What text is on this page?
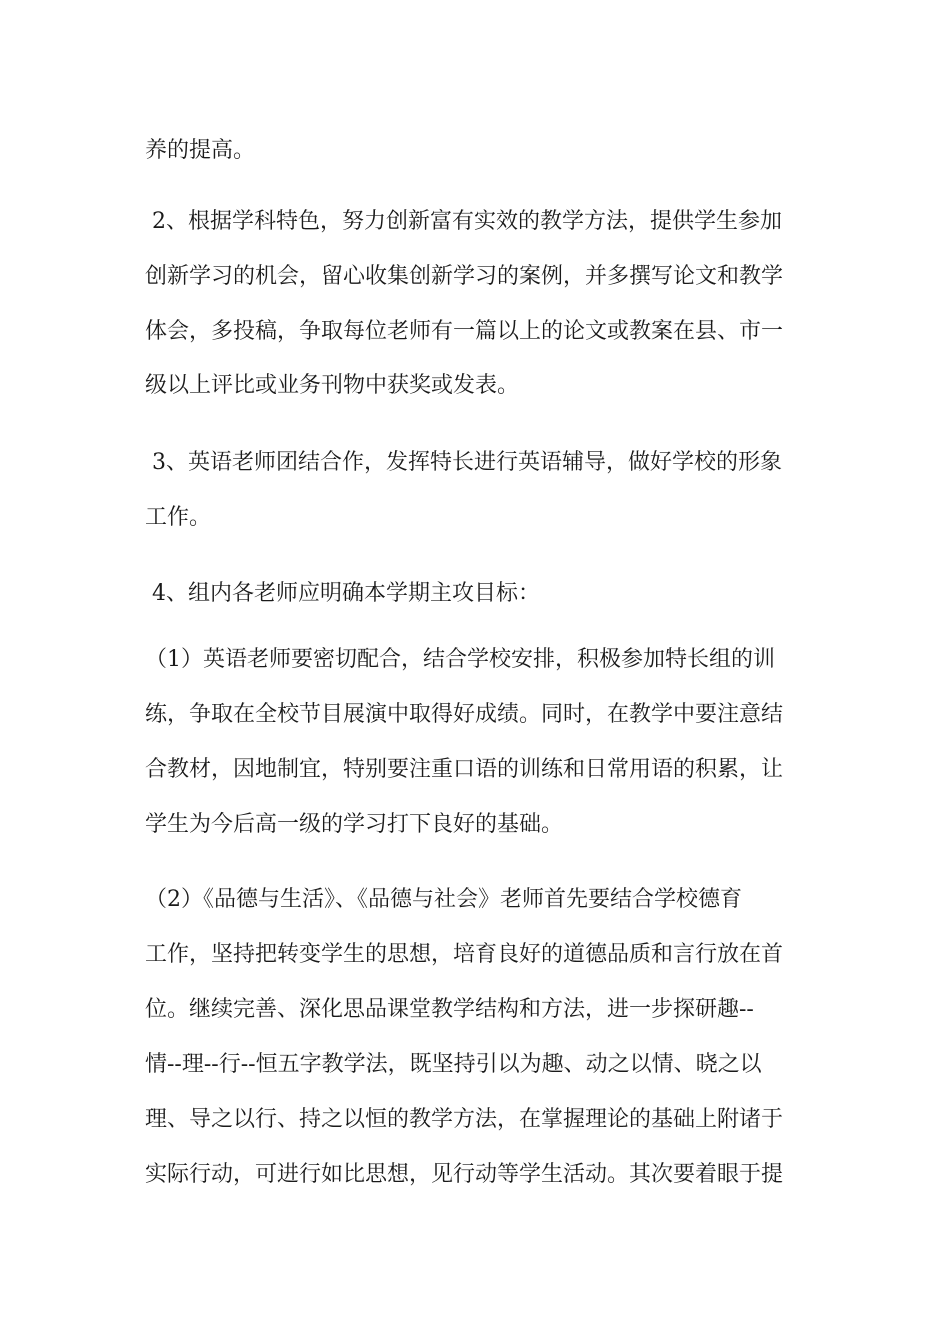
养的提高。
2、根据学科特色，努力创新富有实效的教学方法，提供学生参加
创新学习的机会，留心收集创新学习的案例，并多撰写论文和教学
体会，多投稿，争取每位老师有一篇以上的论文或教案在县、市一
级以上评比或业务刊物中获奖或发表。
3、英语老师团结合作，发挥特长进行英语辅导，做好学校的形象
工作。
4、组内各老师应明确本学期主攻目标：
（1）英语老师要密切配合，结合学校安排，积极参加特长组的训
练，争取在全校节目展演中取得好成绩。同时，在教学中要注意结
合教材，因地制宜，特别要注重口语的训练和日常用语的积累，让
学生为今后高一级的学习打下良好的基础。
（2）《品德与生活》、《品德与社会》老师首先要结合学校德育
工作，坚持把转变学生的思想，培育良好的道德品质和言行放在首
位。继续完善、深化思品课堂教学结构和方法，进一步探研趣--
情--理--行--恒五字教学法，既坚持引以为趣、动之以情、晓之以
理、导之以行、持之以恒的教学方法，在掌握理论的基础上附诸于
实际行动，可进行如比思想，见行动等学生活动。其次要着眼于提
